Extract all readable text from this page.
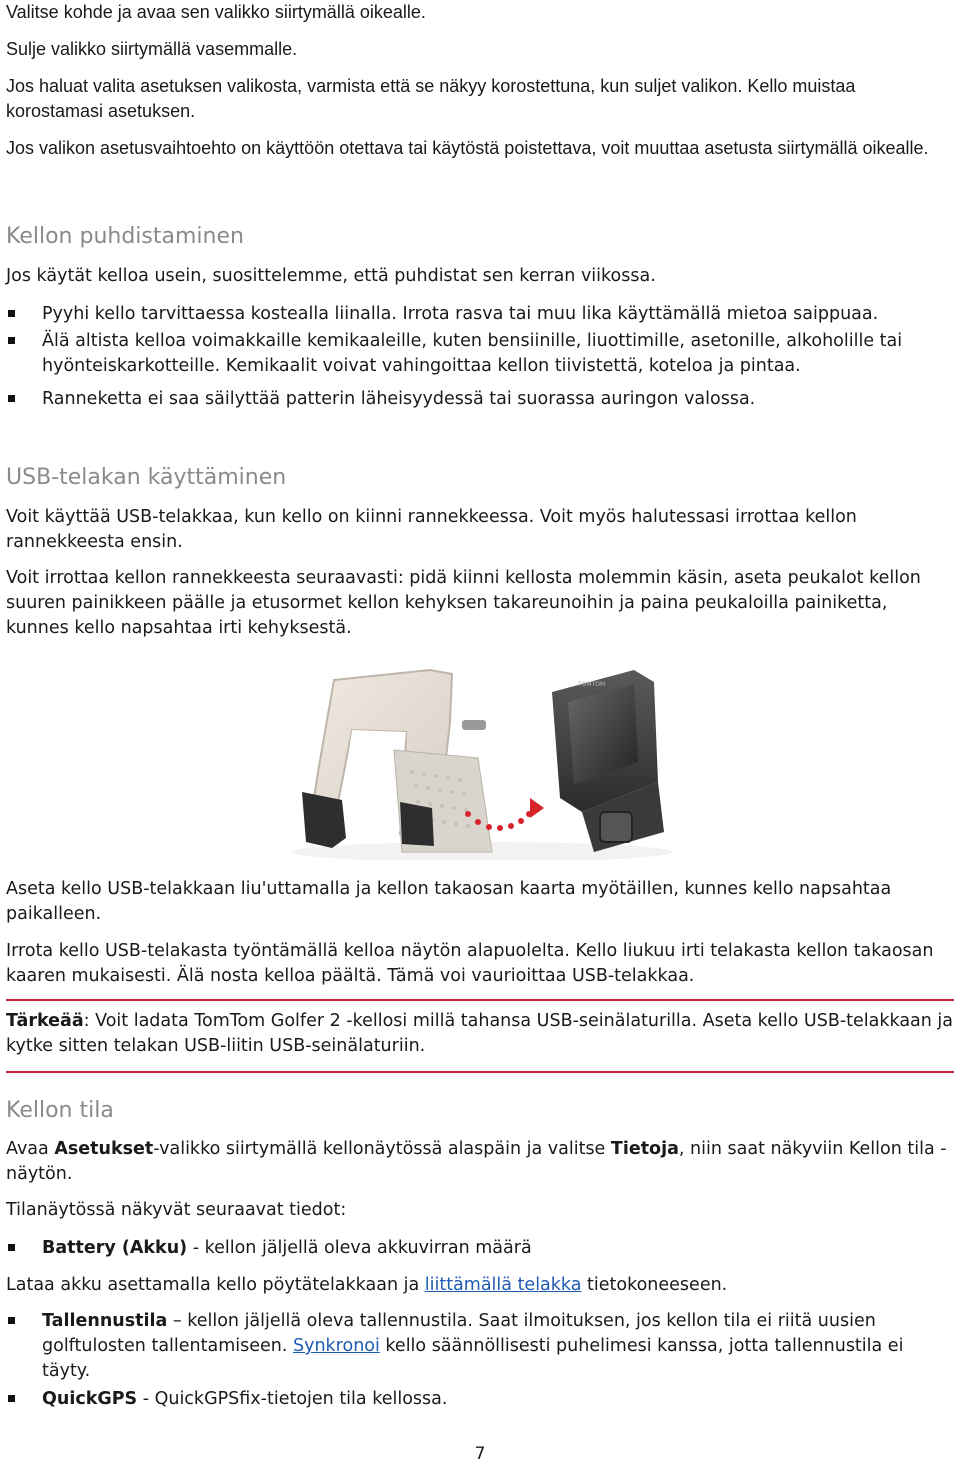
Valitse kohde ja avaa sen valikko siirtymällä oikealle.

Sulje valikko siirtymällä vasemmalle.

Jos haluat valita asetuksen valikosta, varmista että se näkyy korostettuna, kun suljet valikon. Kello muistaa korostamasi asetuksen.

Jos valikon asetusvaihtoehto on käyttöön otettava tai käytöstä poistettava, voit muuttaa asetusta siirtymällä oikealle.

Kellon puhdistaminen

Jos käytät kelloa usein, suosittelemme, että puhdistat sen kerran viikossa.

Pyyhi kello tarvittaessa kostealla liinalla. Irrota rasva tai muu lika käyttämällä mietoa saippuaa.
Älä altista kelloa voimakkaille kemikaaleille, kuten bensiinille, liuottimille, asetonille, alkoholille tai hyönteiskarkotteille. Kemikaalit voivat vahingoittaa kellon tiivistettä, koteloa ja pintaa.
Ranneketta ei saa säilyttää patterin läheisyydessä tai suorassa auringon valossa.
USB-telakan käyttäminen

Voit käyttää USB-telakkaa, kun kello on kiinni rannekkeessa. Voit myös halutessasi irrottaa kellon rannekkeesta ensin.

Voit irrottaa kellon rannekkeesta seuraavasti: pidä kiinni kellosta molemmin käsin, aseta peukalot kellon suuren painikkeen päälle ja etusormet kellon kehyksen takareunoihin ja paina peukaloilla painiketta, kunnes kello napsahtaa irti kehyksestä.

TOMTOM

Aseta kello USB-telakkaan liu'uttamalla ja kellon takaosan kaarta myötäillen, kunnes kello napsahtaa paikalleen.

Irrota kello USB-telakasta työntämällä kelloa näytön alapuolelta. Kello liukuu irti telakasta kellon takaosan kaaren mukaisesti. Älä nosta kelloa päältä. Tämä voi vaurioittaa USB-telakkaa.

Tärkeää: Voit ladata TomTom Golfer 2 -kellosi millä tahansa USB-seinälaturilla. Aseta kello USB-telakkaan ja kytke sitten telakan USB-liitin USB-seinälaturiin.

Kellon tila

Avaa Asetukset-valikko siirtymällä kellonäytössä alaspäin ja valitse Tietoja, niin saat näkyviin Kellon tila -näytön.

Tilanäytössä näkyvät seuraavat tiedot:

Battery (Akku) - kellon jäljellä oleva akkuvirran määrä

Lataa akku asettamalla kello pöytätelakkaan ja liittämällä telakka tietokoneeseen.

Tallennustila – kellon jäljellä oleva tallennustila. Saat ilmoituksen, jos kellon tila ei riitä uusien golftulosten tallentamiseen. Synkronoi kello säännöllisesti puhelimesi kanssa, jotta tallennustila ei täyty.
QuickGPS - QuickGPSfix-tietojen tila kellossa.
7
